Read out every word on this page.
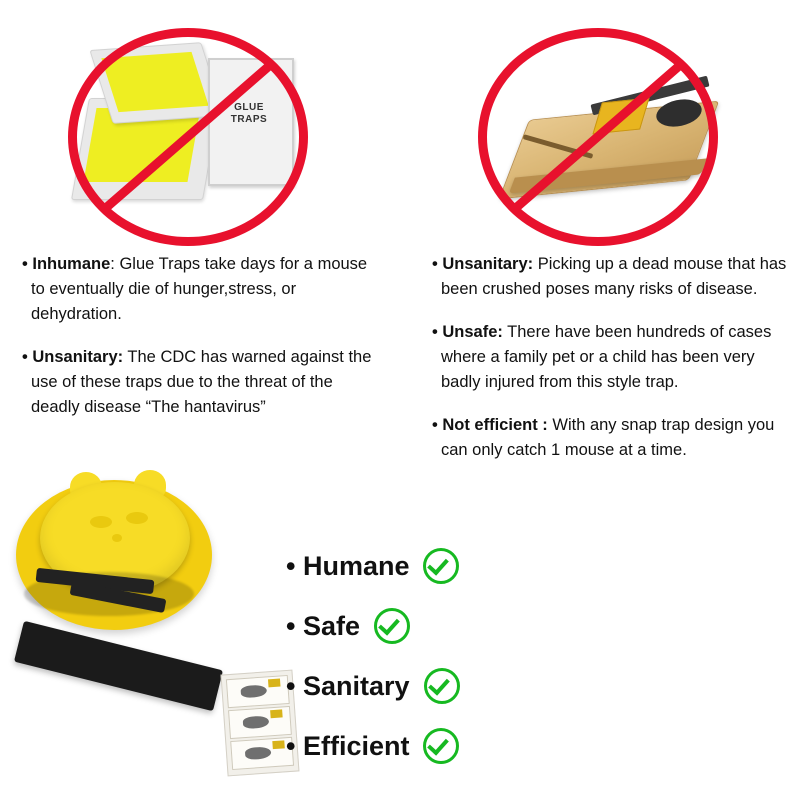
GLUE
TRAPS

• Inhumane: Glue Traps take days for a mouse to eventually die of hunger,stress, or dehydration.

• Unsanitary: The CDC has warned against the use of these traps due to the threat of the deadly disease “The hantavirus”

• Unsanitary: Picking up a dead mouse that has been crushed poses many risks of disease.

• Unsafe: There have been hundreds of cases where a family pet or a child has been very badly injured from this style trap.

• Not efficient : With any snap trap design you can only catch 1 mouse at a time.

• Humane
• Safe
• Sanitary
• Efficient
